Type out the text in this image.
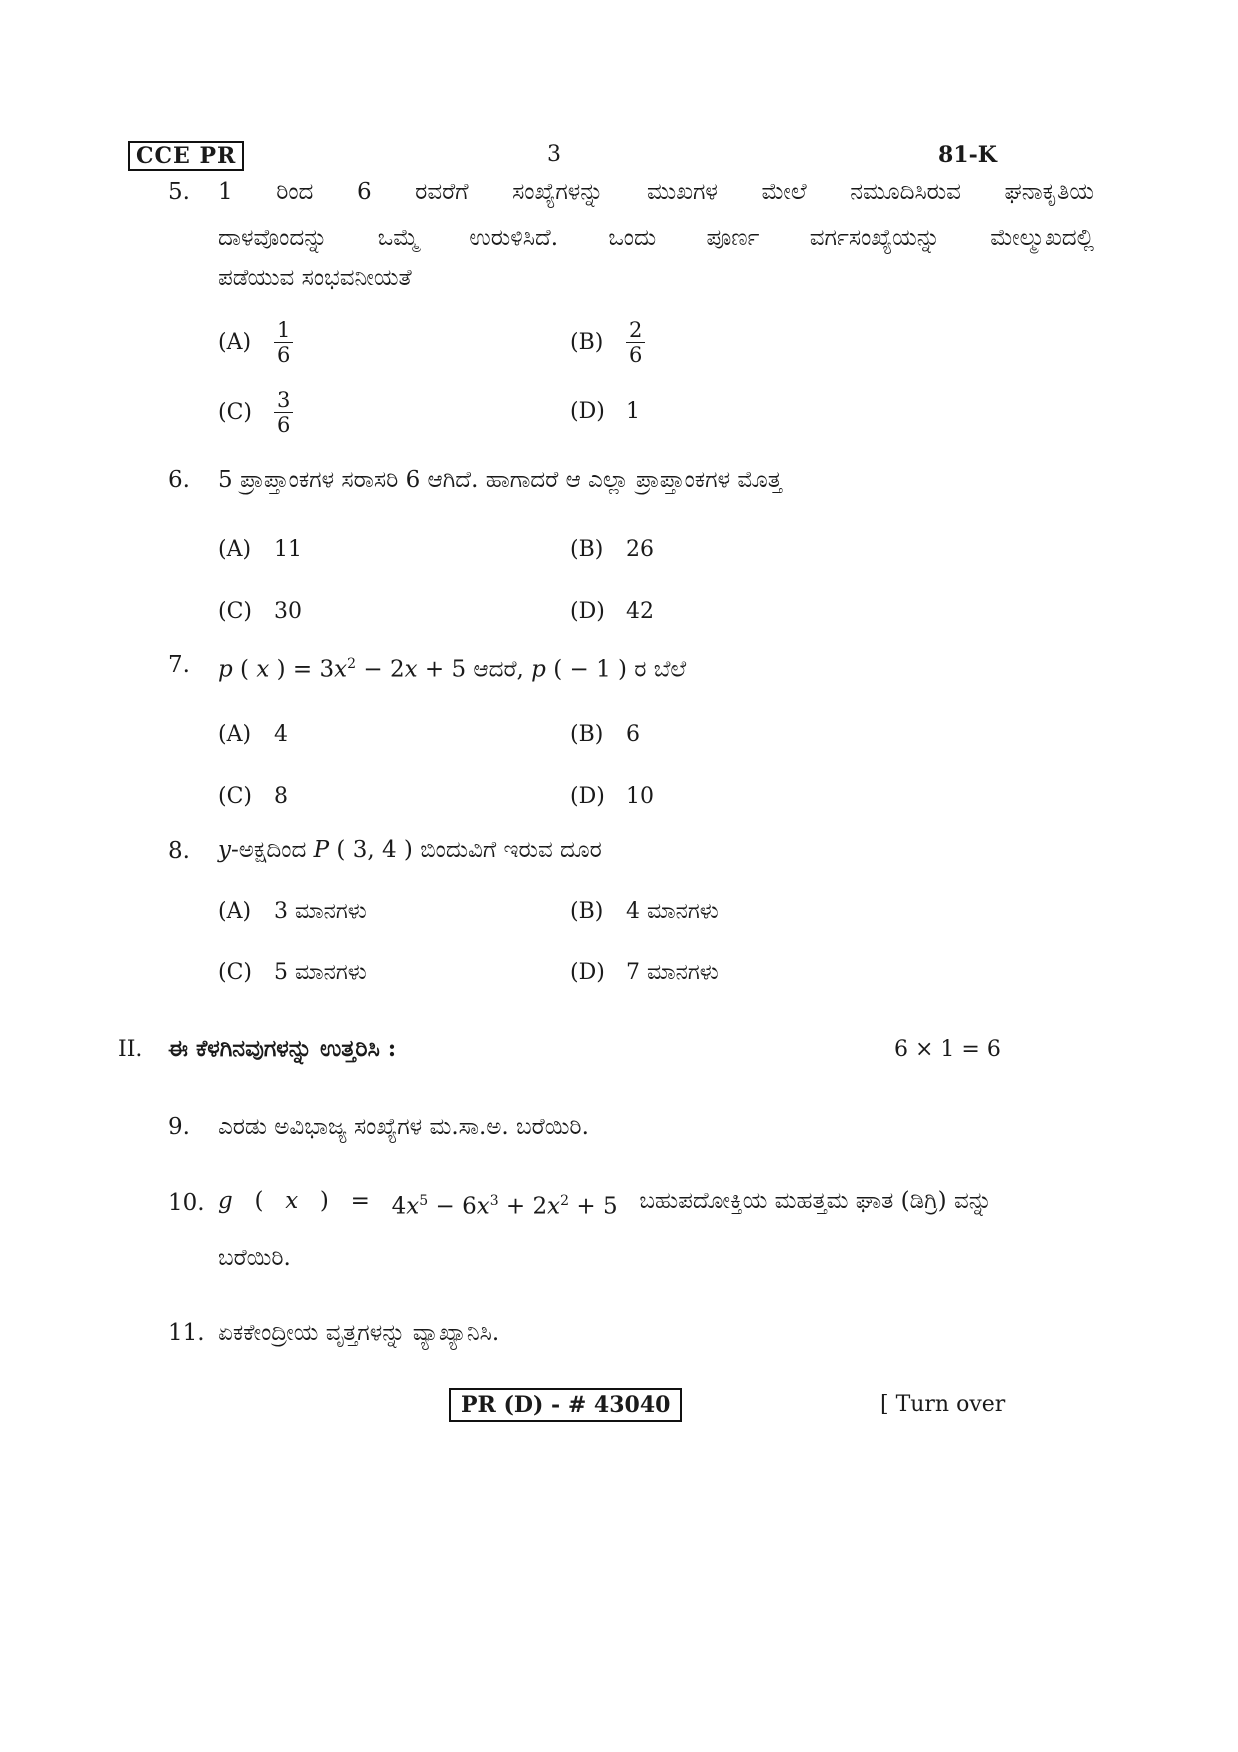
CCE PR	3	81-K
5. 1 ರಿಂದ 6 ರವರೆಗೆ ಸಂಖ್ಯೆಗಳನ್ನು ಮುಖಗಳ ಮೇಲೆ ನಮೂದಿಸಿರುವ ಘನಾಕೃತಿಯ
ದಾಳವೊಂದನ್ನು ಒಮ್ಮೆ ಉರುಳಿಸಿದೆ. ಒಂದು ಪೂರ್ಣ ವರ್ಗಸಂಖ್ಯೆಯನ್ನು ಮೇಲ್ಮುಖದಲ್ಲಿ
ಪಡೆಯುವ ಸಂಭವನೀಯತೆ
(A)	$\frac{1}{6}$	(B)	$\frac{2}{6}$
(C)	$\frac{3}{6}$	(D) 1
6. 5 ಪ್ರಾಪ್ತಾಂಕಗಳ ಸರಾಸರಿ 6 ಆಗಿದೆ. ಹಾಗಾದರೆ ಆ ಎಲ್ಲಾ ಪ್ರಾಪ್ತಾಂಕಗಳ ಮೊತ್ತ
(A)	11	(B)	26
(C)	30	(D) 42
7. p ( x ) = $3x^2 - 2x + 5$ ಆದರೆ, p ( − 1 ) ರ ಬೆಲೆ
(A)	4	(B)	6
(C)	8	(D) 10
8. y-ಅಕ್ಷದಿಂದ P ( 3, 4 ) ಬಿಂದುವಿಗೆ ಇರುವ ದೂರ
(A)	3 ಮಾನಗಳು	(B)	4 ಮಾನಗಳು
(C)	5 ಮಾನಗಳು	(D) 7 ಮಾನಗಳು
II. ಈ ಕೆಳಗಿನವುಗಳನ್ನು ಉತ್ತರಿಸಿ :	6 × 1 = 6
9. ಎರಡು ಅವಿಭಾಜ್ಯ ಸಂಖ್ಯೆಗಳ ಮ.ಸಾ.ಅ. ಬರೆಯಿರಿ.
10. g ( x ) = $4x^5 - 6x^3 + 2x^2 + 5$ ಬಹುಪದೋಕ್ತಿಯ ಮಹತ್ತಮ ಘಾತ (ಡಿಗ್ರಿ) ವನ್ನು
ಬರೆಯಿರಿ.
11. ಏಕಕೇಂದ್ರೀಯ ವೃತ್ತಗಳನ್ನು ವ್ಯಾಖ್ಯಾನಿಸಿ.
PR (D) - # 43040	[ Turn over
